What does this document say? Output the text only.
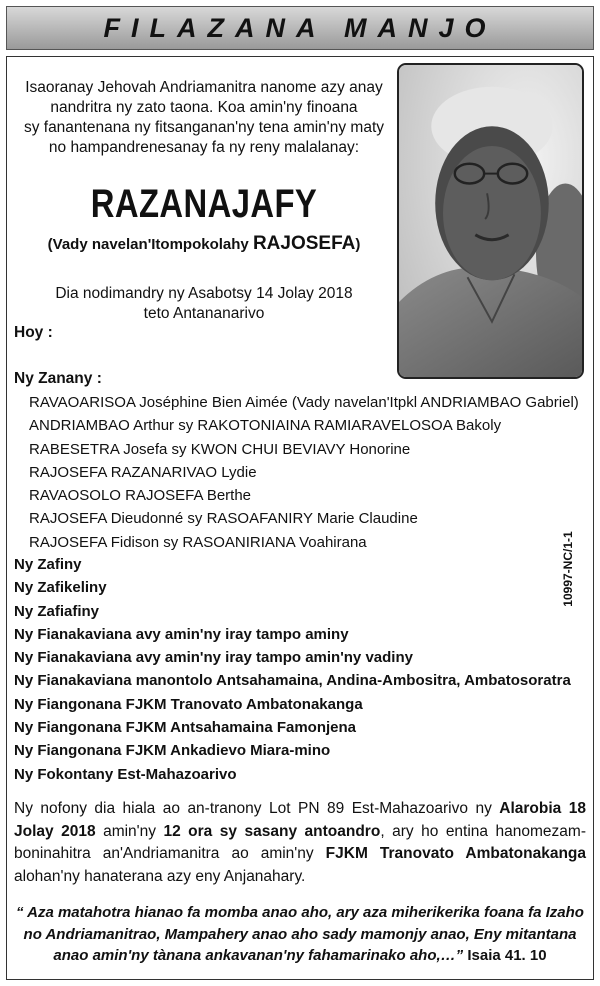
FILAZANA MANJO
Isaoranay Jehovah Andriamanitra nanome azy anay
nandritra ny zato taona. Koa amin'ny finoana
sy fanantenana ny fitsanganan'ny tena amin'ny maty
no hampandrenesanay fa ny reny malalanay:
RAZANAJAFY
(Vady navelan'Itompokolahy RAJOSEFA)
Dia nodimandry ny Asabotsy 14 Jolay 2018
teto Antananarivo
Hoy :
Ny Zanany :
RAVAOARISOA Joséphine Bien Aimée (Vady navelan'Itpkl ANDRIAMBAO Gabriel)
ANDRIAMBAO Arthur sy RAKOTONIAINA RAMIARAVELOSOA Bakoly
RABESETRA Josefa sy KWON CHUI BEVIAVY Honorine
RAJOSEFA RAZANARIVAO Lydie
RAVAOSOLO RAJOSEFA Berthe
RAJOSEFA Dieudonné sy RASOAFANIRY Marie Claudine
RAJOSEFA Fidison sy RASOANIRIANA Voahirana
Ny Zafiny
Ny Zafikeliny
Ny Zafiafiny
Ny Fianakaviana avy amin'ny iray tampo aminy
Ny Fianakaviana avy amin'ny iray tampo amin'ny vadiny
Ny Fianakaviana manontolo Antsahamaina, Andina-Ambositra, Ambatosoratra
Ny Fiangonana FJKM Tranovato Ambatonakanga
Ny Fiangonana FJKM Antsahamaina Famonjena
Ny Fiangonana FJKM Ankadievo Miara-mino
Ny Fokontany Est-Mahazoarivo
10997-NC/1-1
Ny nofony dia hiala ao an-tranony Lot PN 89 Est-Mahazoarivo ny Alarobia 18 Jolay 2018 amin'ny 12 ora sy sasany antoandro, ary ho entina hanomezam-boninahitra an'Andriamanitra ao amin'ny FJKM Tranovato Ambatonakanga alohan'ny hanaterana azy eny Anjanahary.
“ Aza matahotra hianao fa momba anao aho, ary aza miherikerika foana fa Izaho no Andriamanitrao, Mampahery anao aho sady mamonjy anao, Eny mitantana anao amin'ny tànana ankavanan'ny fahamarinako aho,…” Isaia 41. 10
